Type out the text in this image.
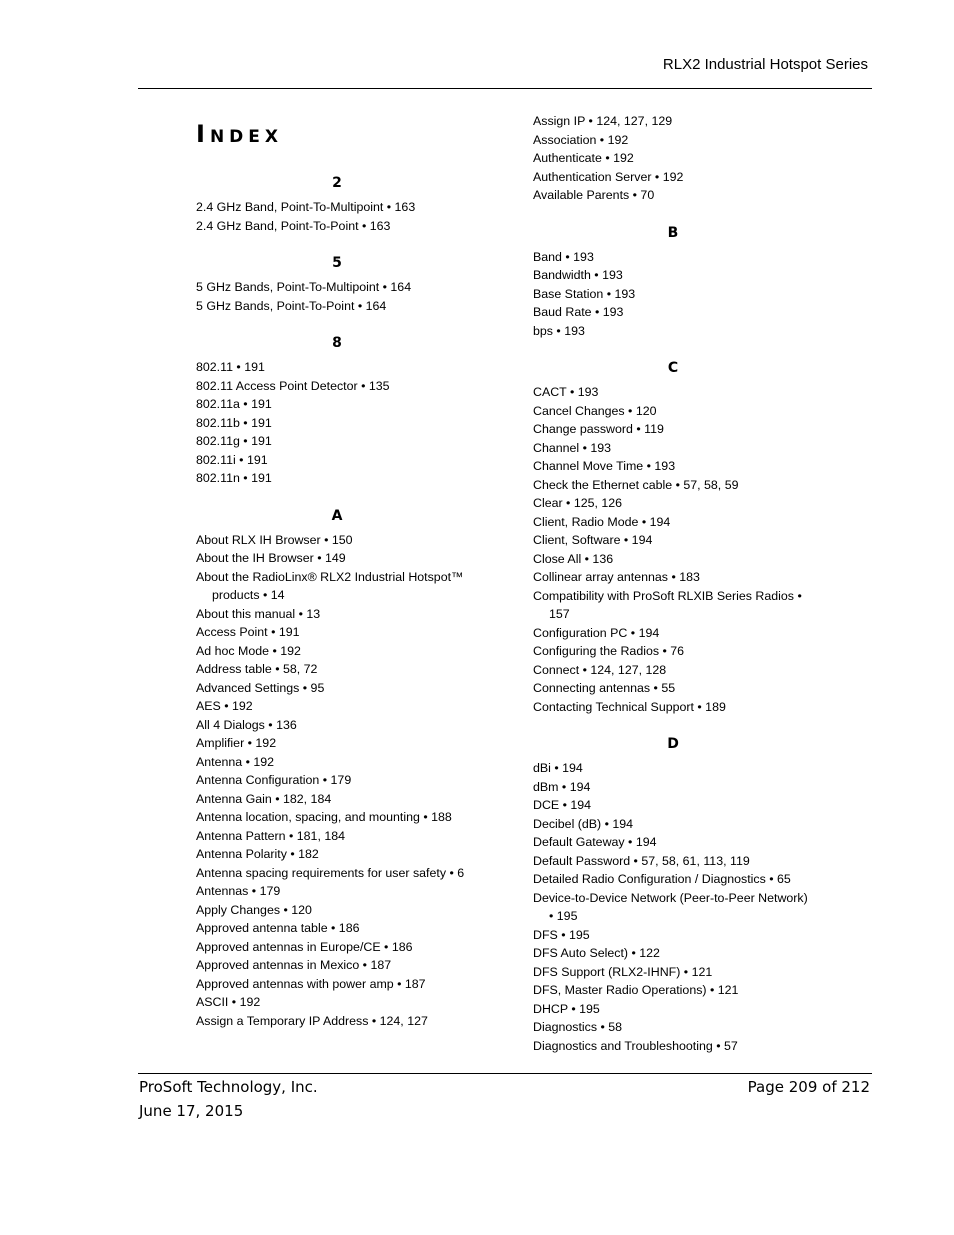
RLX2 Industrial Hotspot Series
INDEX
2
2.4 GHz Band, Point-To-Multipoint • 163
2.4 GHz Band, Point-To-Point • 163
5
5 GHz Bands, Point-To-Multipoint • 164
5 GHz Bands, Point-To-Point • 164
8
802.11 • 191
802.11 Access Point Detector • 135
802.11a • 191
802.11b • 191
802.11g • 191
802.11i • 191
802.11n • 191
A
About RLX IH Browser • 150
About the IH Browser • 149
About the RadioLinx® RLX2 Industrial Hotspot™ products • 14
About this manual • 13
Access Point • 191
Ad hoc Mode • 192
Address table • 58, 72
Advanced Settings • 95
AES • 192
All 4 Dialogs • 136
Amplifier • 192
Antenna • 192
Antenna Configuration • 179
Antenna Gain • 182, 184
Antenna location, spacing, and mounting • 188
Antenna Pattern • 181, 184
Antenna Polarity • 182
Antenna spacing requirements for user safety • 6
Antennas • 179
Apply Changes • 120
Approved antenna table • 186
Approved antennas in Europe/CE • 186
Approved antennas in Mexico • 187
Approved antennas with power amp • 187
ASCII • 192
Assign a Temporary IP Address • 124, 127
Assign IP • 124, 127, 129
Association • 192
Authenticate • 192
Authentication Server • 192
Available Parents • 70
B
Band • 193
Bandwidth • 193
Base Station • 193
Baud Rate • 193
bps • 193
C
CACT • 193
Cancel Changes • 120
Change password • 119
Channel • 193
Channel Move Time • 193
Check the Ethernet cable • 57, 58, 59
Clear • 125, 126
Client, Radio Mode • 194
Client, Software • 194
Close All • 136
Collinear array antennas • 183
Compatibility with ProSoft RLXIB Series Radios • 157
Configuration PC • 194
Configuring the Radios • 76
Connect • 124, 127, 128
Connecting antennas • 55
Contacting Technical Support • 189
D
dBi • 194
dBm • 194
DCE • 194
Decibel (dB) • 194
Default Gateway • 194
Default Password • 57, 58, 61, 113, 119
Detailed Radio Configuration / Diagnostics • 65
Device-to-Device Network (Peer-to-Peer Network) • 195
DFS • 195
DFS Auto Select) • 122
DFS Support (RLX2-IHNF) • 121
DFS, Master Radio Operations) • 121
DHCP • 195
Diagnostics • 58
Diagnostics and Troubleshooting • 57
ProSoft Technology, Inc.
June 17, 2015
Page 209 of 212
